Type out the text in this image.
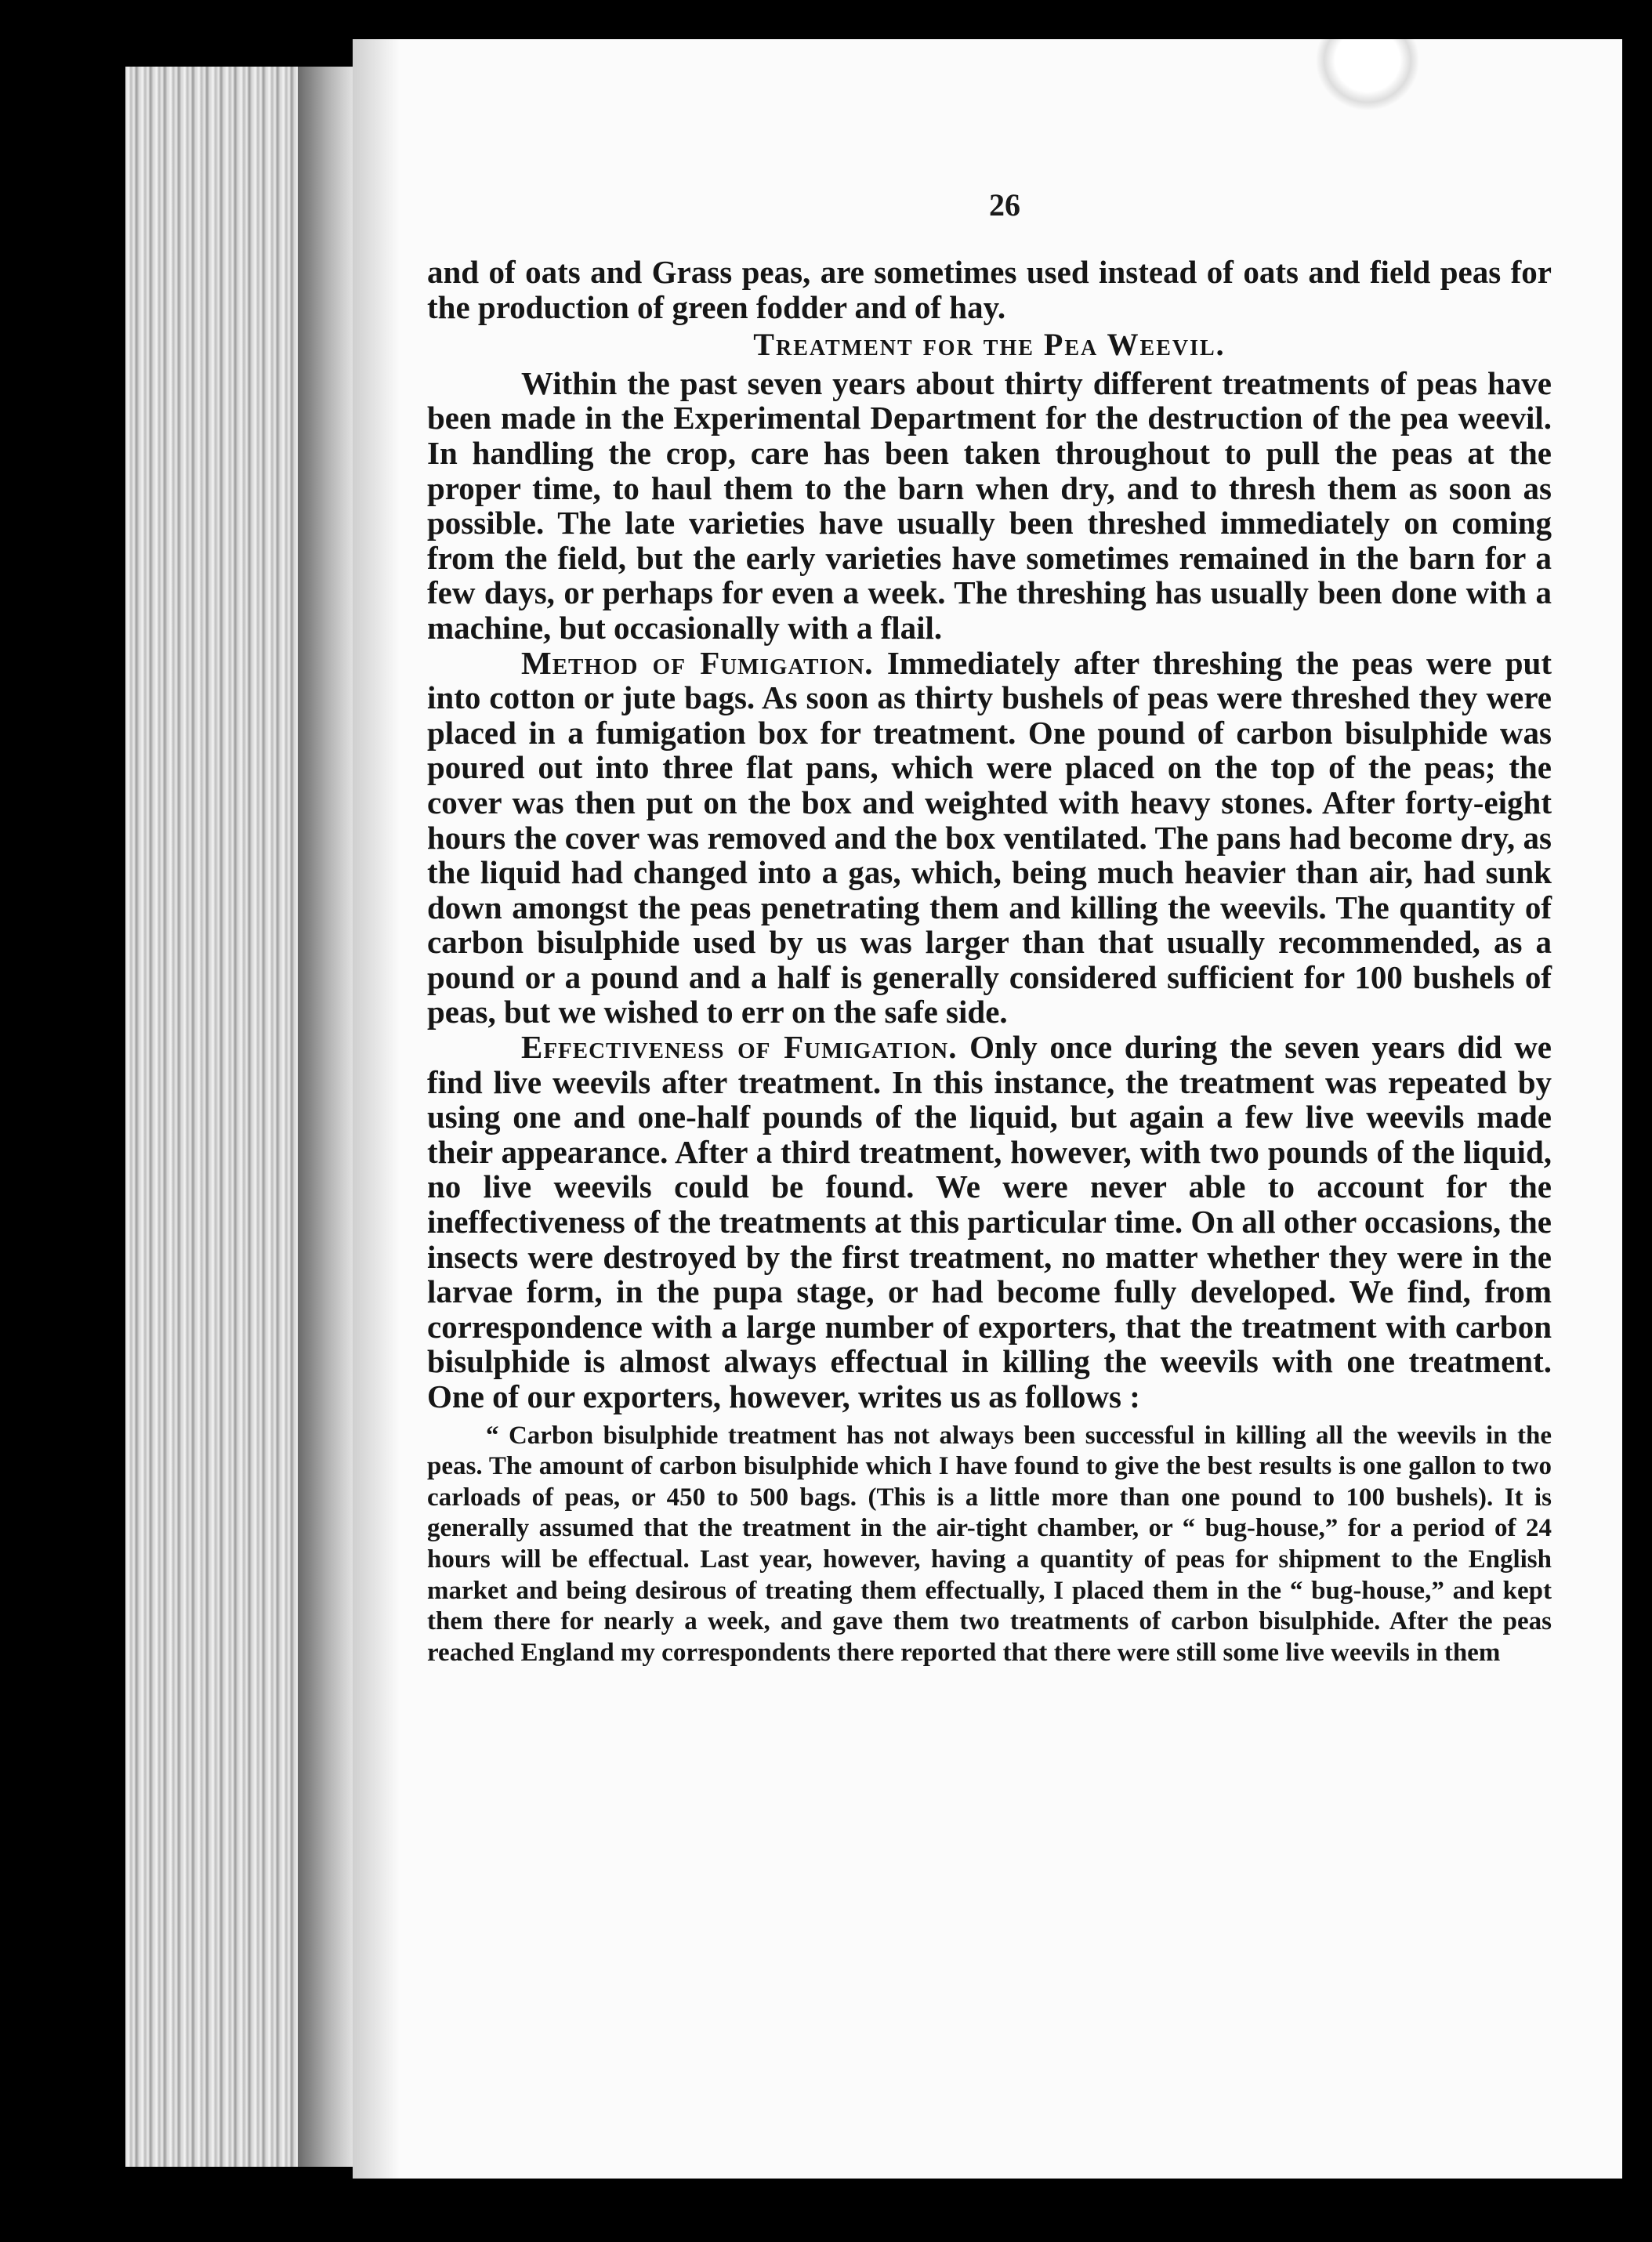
26

and of oats and Grass peas, are sometimes used instead of oats and field peas for the production of green fodder and of hay.

Treatment for the Pea Weevil.

Within the past seven years about thirty different treatments of peas have been made in the Experimental Department for the destruction of the pea weevil. In handling the crop, care has been taken throughout to pull the peas at the proper time, to haul them to the barn when dry, and to thresh them as soon as possible. The late varieties have usually been threshed immediately on coming from the field, but the early varieties have sometimes remained in the barn for a few days, or perhaps for even a week. The threshing has usually been done with a machine, but occasionally with a flail.

Method of Fumigation. Immediately after threshing the peas were put into cotton or jute bags. As soon as thirty bushels of peas were threshed they were placed in a fumigation box for treatment. One pound of carbon bisulphide was poured out into three flat pans, which were placed on the top of the peas; the cover was then put on the box and weighted with heavy stones. After forty-eight hours the cover was removed and the box ventilated. The pans had become dry, as the liquid had changed into a gas, which, being much heavier than air, had sunk down amongst the peas penetrating them and killing the weevils. The quantity of carbon bisulphide used by us was larger than that usually recommended, as a pound or a pound and a half is generally considered sufficient for 100 bushels of peas, but we wished to err on the safe side.

Effectiveness of Fumigation. Only once during the seven years did we find live weevils after treatment. In this instance, the treatment was repeated by using one and one-half pounds of the liquid, but again a few live weevils made their appearance. After a third treatment, however, with two pounds of the liquid, no live weevils could be found. We were never able to account for the ineffectiveness of the treatments at this particular time. On all other occasions, the insects were destroyed by the first treatment, no matter whether they were in the larvae form, in the pupa stage, or had become fully developed. We find, from correspondence with a large number of exporters, that the treatment with carbon bisulphide is almost always effectual in killing the weevils with one treatment. One of our exporters, however, writes us as follows :

“ Carbon bisulphide treatment has not always been successful in killing all the weevils in the peas. The amount of carbon bisulphide which I have found to give the best results is one gallon to two carloads of peas, or 450 to 500 bags. (This is a little more than one pound to 100 bushels). It is generally assumed that the treatment in the air-tight chamber, or “ bug-house,” for a period of 24 hours will be effectual. Last year, however, having a quantity of peas for shipment to the English market and being desirous of treating them effectually, I placed them in the “ bug-house,” and kept them there for nearly a week, and gave them two treatments of carbon bisulphide. After the peas reached England my correspondents there reported that there were still some live weevils in them
